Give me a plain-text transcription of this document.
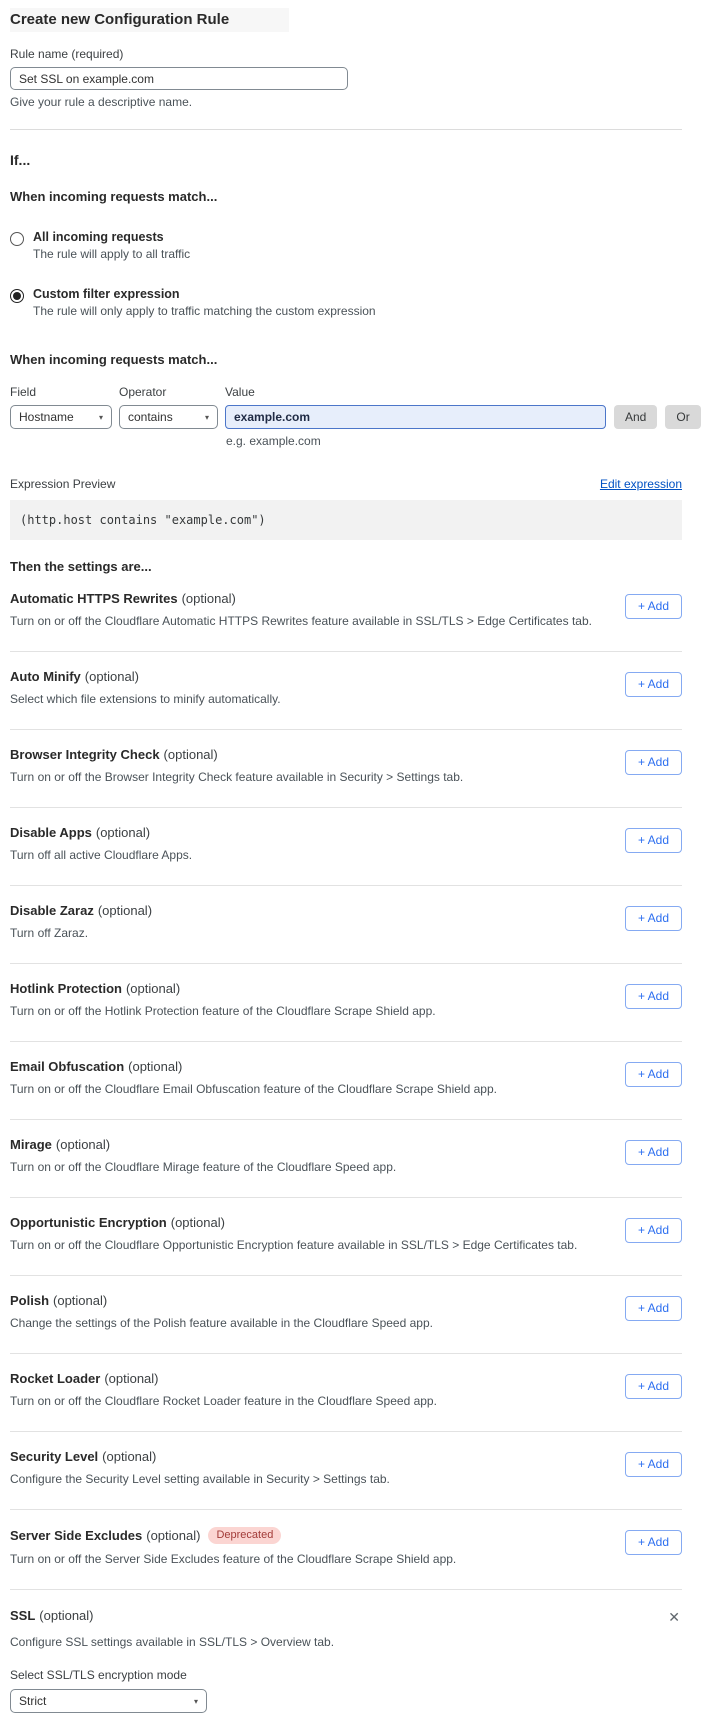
Create new Configuration Rule
Rule name (required)
Set SSL on example.com
Give your rule a descriptive name.
If...
When incoming requests match...
All incoming requests
The rule will apply to all traffic
Custom filter expression
The rule will only apply to traffic matching the custom expression
When incoming requests match...
Field
Hostname	▾
Operator
contains	▾
Value
example.com
And	Or
e.g. example.com
Expression Preview	Edit expression
(http.host contains "example.com")
Then the settings are...
Automatic HTTPS Rewrites (optional)
Turn on or off the Cloudflare Automatic HTTPS Rewrites feature available in SSL/TLS > Edge Certificates tab.
+ Add
Auto Minify (optional)
Select which file extensions to minify automatically.
+ Add
Browser Integrity Check (optional)
Turn on or off the Browser Integrity Check feature available in Security > Settings tab.
+ Add
Disable Apps (optional)
Turn off all active Cloudflare Apps.
+ Add
Disable Zaraz (optional)
Turn off Zaraz.
+ Add
Hotlink Protection (optional)
Turn on or off the Hotlink Protection feature of the Cloudflare Scrape Shield app.
+ Add
Email Obfuscation (optional)
Turn on or off the Cloudflare Email Obfuscation feature of the Cloudflare Scrape Shield app.
+ Add
Mirage (optional)
Turn on or off the Cloudflare Mirage feature of the Cloudflare Speed app.
+ Add
Opportunistic Encryption (optional)
Turn on or off the Cloudflare Opportunistic Encryption feature available in SSL/TLS > Edge Certificates tab.
+ Add
Polish (optional)
Change the settings of the Polish feature available in the Cloudflare Speed app.
+ Add
Rocket Loader (optional)
Turn on or off the Cloudflare Rocket Loader feature in the Cloudflare Speed app.
+ Add
Security Level (optional)
Configure the Security Level setting available in Security > Settings tab.
+ Add
Server Side Excludes (optional)	Deprecated
Turn on or off the Server Side Excludes feature of the Cloudflare Scrape Shield app.
+ Add
SSL (optional)	✕
Configure SSL settings available in SSL/TLS > Overview tab.
Select SSL/TLS encryption mode
Strict	▾
